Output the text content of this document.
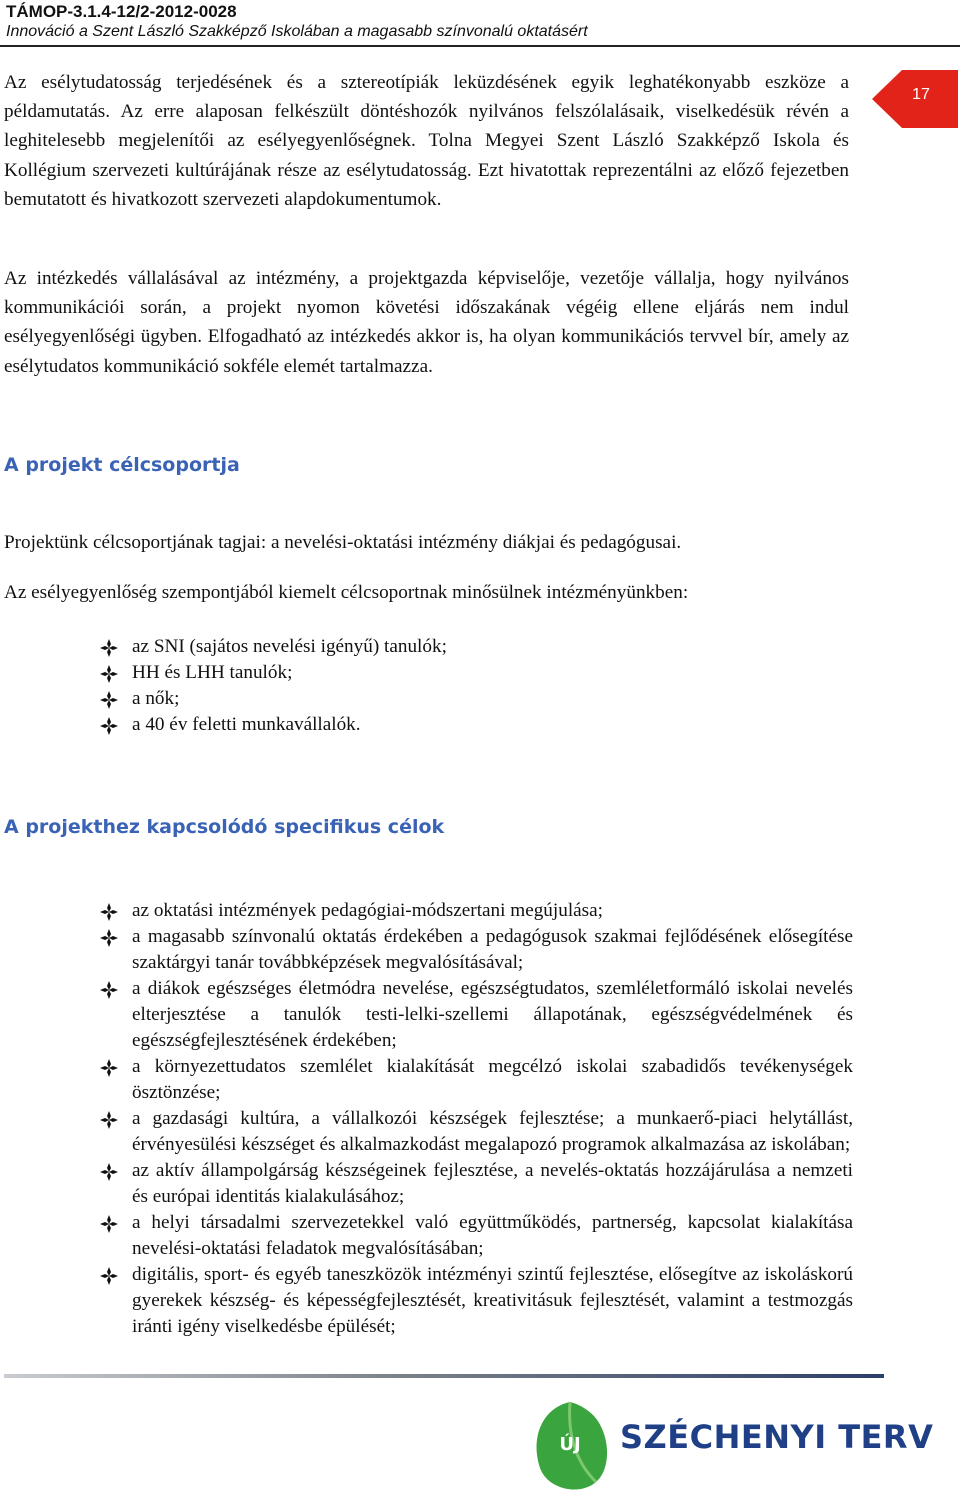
TÁMOP-3.1.4-12/2-2012-0028

Innováció a Szent László Szakképző Iskolában a magasabb színvonalú oktatásért

17

Az esélytudatosság terjedésének és a sztereotípiák leküzdésének egyik leghatékonyabb eszköze a példamutatás. Az erre alaposan felkészült döntéshozók nyilvános felszólalásaik, viselkedésük révén a leghitelesebb megjelenítői az esélyegyenlőségnek. Tolna Megyei Szent László Szakképző Iskola és Kollégium szervezeti kultúrájának része az esélytudatosság. Ezt hivatottak reprezentálni az előző fejezetben bemutatott és hivatkozott szervezeti alapdokumentumok.

Az intézkedés vállalásával az intézmény, a projektgazda képviselője, vezetője vállalja, hogy nyilvános kommunikációi során, a projekt nyomon követési időszakának végéig ellene eljárás nem indul esélyegyenlőségi ügyben. Elfogadható az intézkedés akkor is, ha olyan kommunikációs tervvel bír, amely az esélytudatos kommunikáció sokféle elemét tartalmazza.

A projekt célcsoportja

Projektünk célcsoportjának tagjai: a nevelési-oktatási intézmény diákjai és pedagógusai.

Az esélyegyenlőség szempontjából kiemelt célcsoportnak minősülnek intézményünkben:

az SNI (sajátos nevelési igényű) tanulók;
HH és LHH tanulók;
a nők;
a 40 év feletti munkavállalók.
A projekthez kapcsolódó specifikus célok
az oktatási intézmények pedagógiai-módszertani megújulása;
a magasabb színvonalú oktatás érdekében a pedagógusok szakmai fejlődésének elősegítése szaktárgyi tanár továbbképzések megvalósításával;
a diákok egészséges életmódra nevelése, egészségtudatos, szemléletformáló iskolai nevelés elterjesztése a tanulók testi-lelki-szellemi állapotának, egészségvédelmének és egészségfejlesztésének érdekében;
a környezettudatos szemlélet kialakítását megcélzó iskolai szabadidős tevékenységek ösztönzése;
a gazdasági kultúra, a vállalkozói készségek fejlesztése; a munkaerő-piaci helytállást, érvényesülési készséget és alkalmazkodást megalapozó programok alkalmazása az iskolában;
az aktív állampolgárság készségeinek fejlesztése, a nevelés-oktatás hozzájárulása a nemzeti és európai identitás kialakulásához;
a helyi társadalmi szervezetekkel való együttműködés, partnerség, kapcsolat kialakítása nevelési-oktatási feladatok megvalósításában;
digitális, sport- és egyéb taneszközök intézményi szintű fejlesztése, elősegítve az iskoláskorú gyerekek készség- és képességfejlesztését, kreativitásuk fejlesztését, valamint a testmozgás iránti igény viselkedésbe épülését;
ÚJ	SZÉCHENYI TERV
